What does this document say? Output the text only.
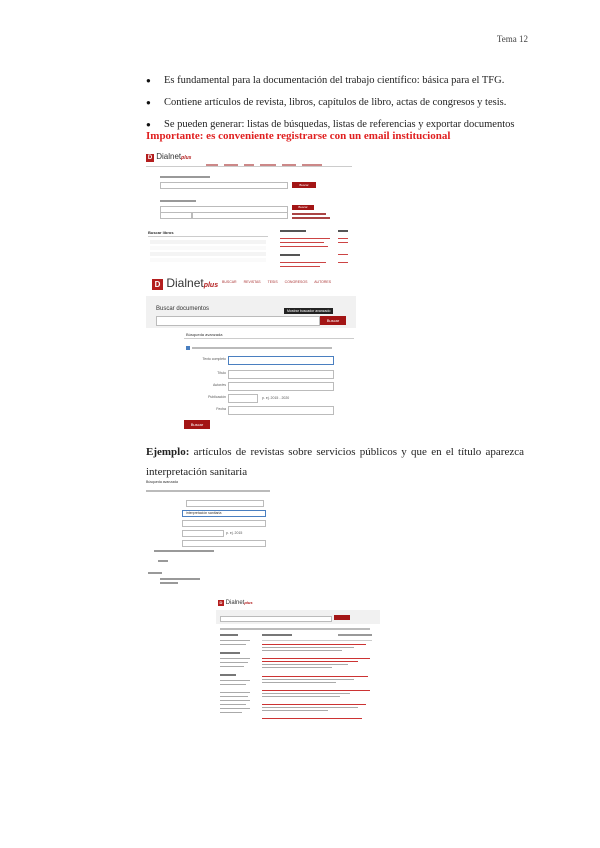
Tema 12
● Es fundamental para la documentación del trabajo científico: básica para el TFG.
● Contiene artículos de revista, libros, capítulos de libro, actas de congresos y tesis.
● Se pueden generar: listas de búsquedas, listas de referencias y exportar documentos
Importante: es conveniente registrarse con un email institucional
D Dialnetplus
Buscar
Buscar
Buscar libros
D Dialnetplus BUSCAR REVISTAS TESIS CONGRESOS AUTORES
Buscar documentos	Mostrar buscador avanzado
Buscar
Búsqueda avanzada
Texto completo
Título
Autor/es
Publicación	p. ej. 2015 - 2020
Fecha
Buscar
Ejemplo: artículos de revistas sobre servicios públicos y que en el título aparezca interpretación sanitaria
Búsqueda avanzada
interpretación sanitaria
p. ej. 2015
D Dialnetplus
